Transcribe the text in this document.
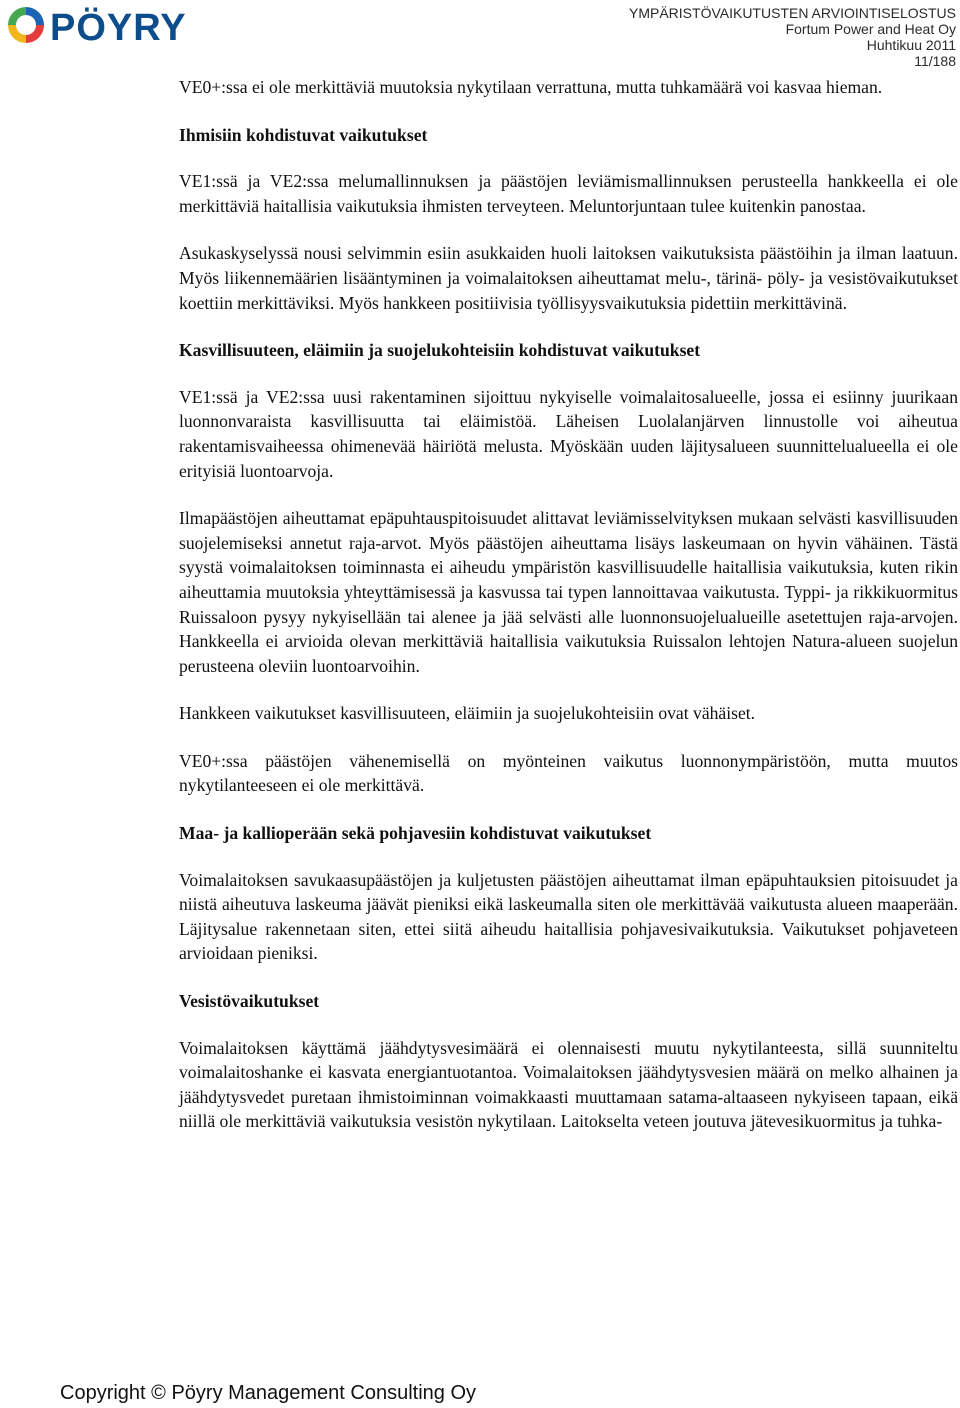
PÖYRY	YMPÄRISTÖVAIKUTUSTEN ARVIOINTISELOSTUS
Fortum Power and Heat Oy
Huhtikuu 2011
11/188

VE0+:ssa ei ole merkittäviä muutoksia nykytilaan verrattuna, mutta tuhkamäärä voi kasvaa hieman.

Ihmisiin kohdistuvat vaikutukset

VE1:ssä ja VE2:ssa melumallinnuksen ja päästöjen leviämismallinnuksen perusteella hankkeella ei ole merkittäviä haitallisia vaikutuksia ihmisten terveyteen. Meluntorjuntaan tulee kuitenkin panostaa.

Asukaskyselyssä nousi selvimmin esiin asukkaiden huoli laitoksen vaikutuksista päästöihin ja ilman laatuun. Myös liikennemäärien lisääntyminen ja voimalaitoksen aiheuttamat melu-, tärinä- pöly- ja vesistövaikutukset koettiin merkittäviksi. Myös hankkeen positiivisia työllisyysvaikutuksia pidettiin merkittävinä.

Kasvillisuuteen, eläimiin ja suojelukohteisiin kohdistuvat vaikutukset

VE1:ssä ja VE2:ssa uusi rakentaminen sijoittuu nykyiselle voimalaitosalueelle, jossa ei esiinny juurikaan luonnonvaraista kasvillisuutta tai eläimistöä. Läheisen Luolalanjärven linnustolle voi aiheutua rakentamisvaiheessa ohimenevää häiriötä melusta. Myöskään uuden läjitysalueen suunnittelualueella ei ole erityisiä luontoarvoja.

Ilmapäästöjen aiheuttamat epäpuhtauspitoisuudet alittavat leviämisselvityksen mukaan selvästi kasvillisuuden suojelemiseksi annetut raja-arvot. Myös päästöjen aiheuttama lisäys laskeumaan on hyvin vähäinen. Tästä syystä voimalaitoksen toiminnasta ei aiheudu ympäristön kasvillisuudelle haitallisia vaikutuksia, kuten rikin aiheuttamia muutoksia yhteyttämisessä ja kasvussa tai typen lannoittavaa vaikutusta. Typpi- ja rikkikuormitus Ruissaloon pysyy nykyisellään tai alenee ja jää selvästi alle luonnonsuojelualueille asetettujen raja-arvojen. Hankkeella ei arvioida olevan merkittäviä haitallisia vaikutuksia Ruissalon lehtojen Natura-alueen suojelun perusteena oleviin luontoarvoihin.

Hankkeen vaikutukset kasvillisuuteen, eläimiin ja suojelukohteisiin ovat vähäiset.

VE0+:ssa päästöjen vähenemisellä on myönteinen vaikutus luonnonympäristöön, mutta muutos nykytilanteeseen ei ole merkittävä.

Maa- ja kallioperään sekä pohjavesiin kohdistuvat vaikutukset

Voimalaitoksen savukaasupäästöjen ja kuljetusten päästöjen aiheuttamat ilman epäpuhtauksien pitoisuudet ja niistä aiheutuva laskeuma jäävät pieniksi eikä laskeumalla siten ole merkittävää vaikutusta alueen maaperään. Läjitysalue rakennetaan siten, ettei siitä aiheudu haitallisia pohjavesivaikutuksia. Vaikutukset pohjaveteen arvioidaan pieniksi.

Vesistövaikutukset

Voimalaitoksen käyttämä jäähdytysvesimäärä ei olennaisesti muutu nykytilanteesta, sillä suunniteltu voimalaitoshanke ei kasvata energiantuotantoa. Voimalaitoksen jäähdytysvesien määrä on melko alhainen ja jäähdytysvedet puretaan ihmistoiminnan voimakkaasti muuttamaan satama-altaaseen nykyiseen tapaan, eikä niillä ole merkittäviä vaikutuksia vesistön nykytilaan. Laitokselta veteen joutuva jätevesikuormitus ja tuhka-

Copyright © Pöyry Management Consulting Oy
